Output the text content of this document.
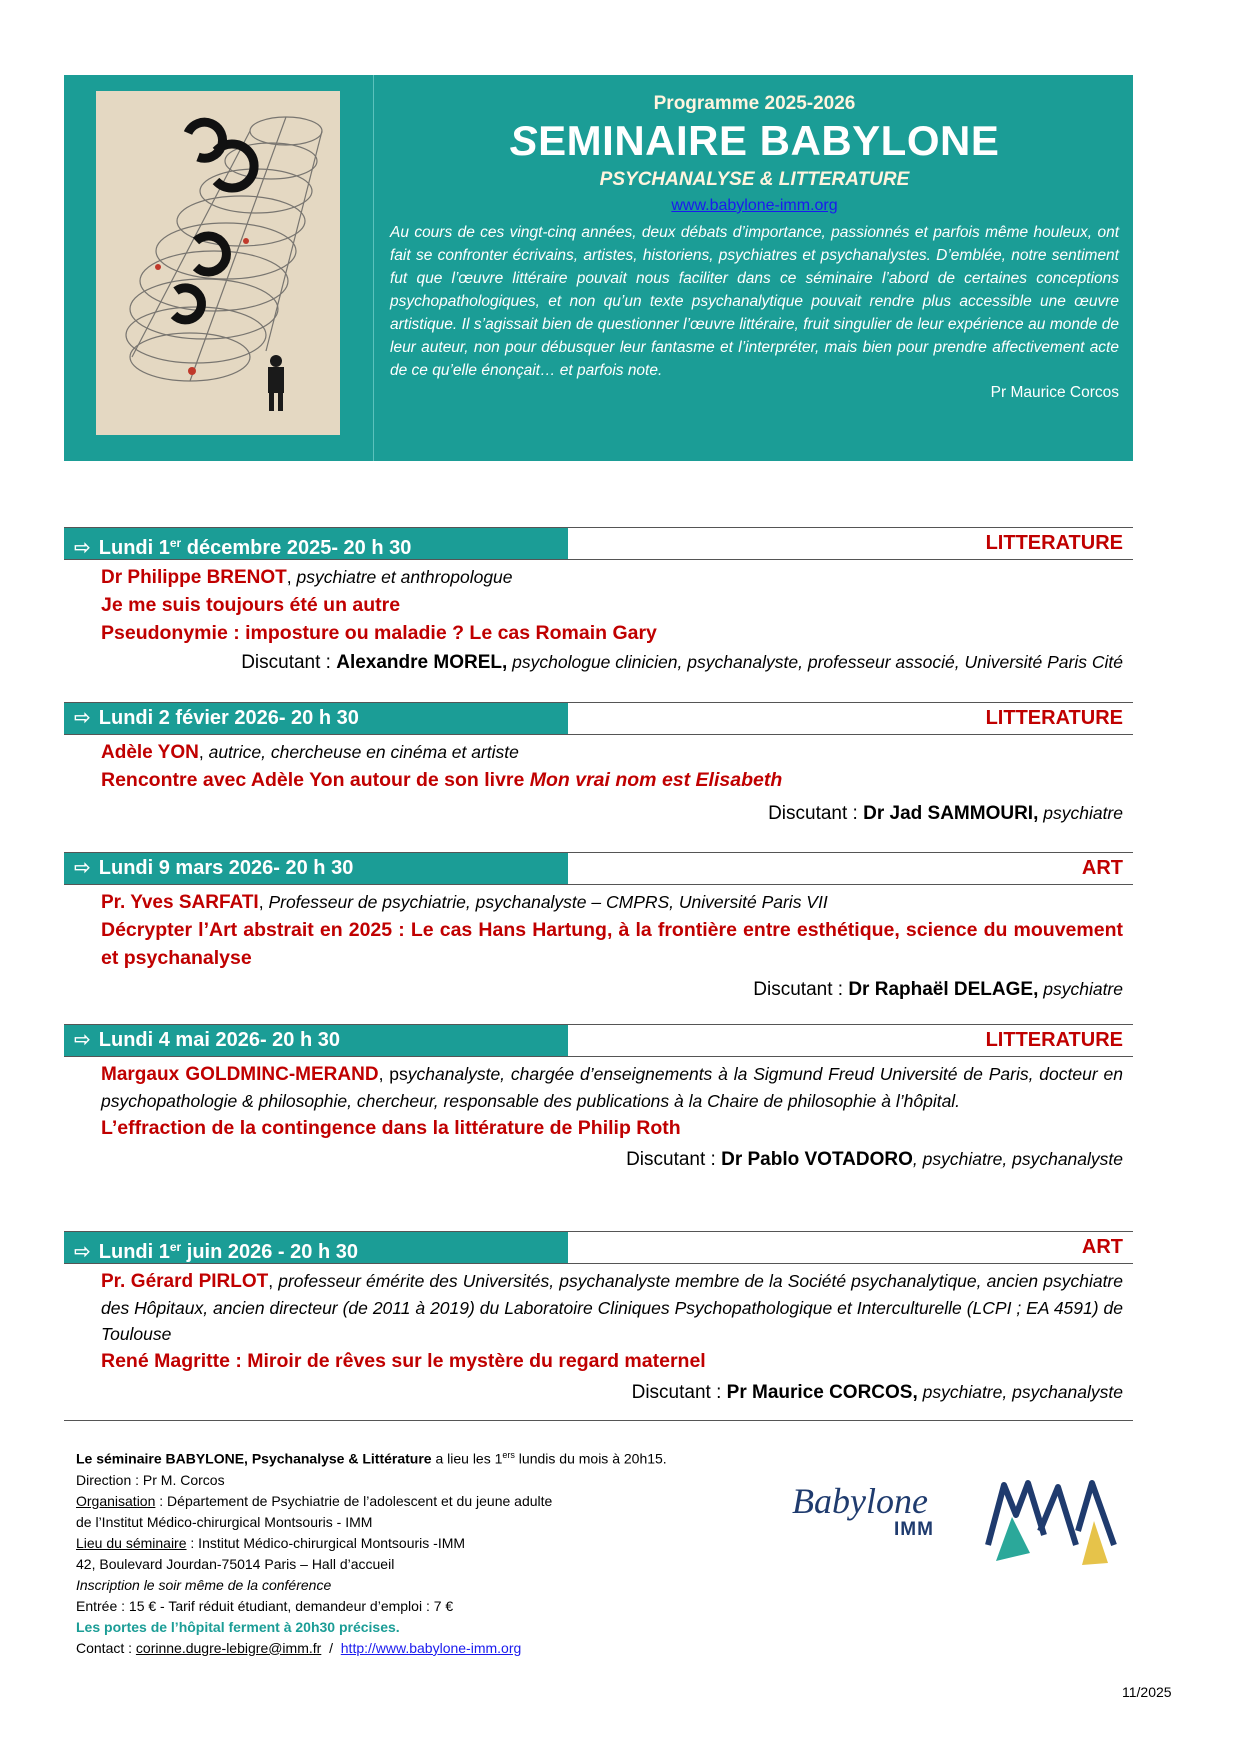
Programme 2025-2026
SEMINAIRE BABYLONE
PSYCHANALYSE & LITTERATURE
www.babylone-imm.org

Au cours de ces vingt-cinq années, deux débats d’importance, passionnés et parfois même houleux, ont fait se confronter écrivains, artistes, historiens, psychiatres et psychanalystes. D’emblée, notre sentiment fut que l’œuvre littéraire pouvait nous faciliter dans ce séminaire l’abord de certaines conceptions psychopathologiques, et non qu’un texte psychanalytique pouvait rendre plus accessible une œuvre artistique. Il s’agissait bien de questionner l’œuvre littéraire, fruit singulier de leur expérience au monde de leur auteur, non pour débusquer leur fantasme et l’interpréter, mais bien pour prendre affectivement acte de ce qu’elle énonçait… et parfois note.

Pr Maurice Corcos
⇨ Lundi 1er décembre 2025- 20 h 30	LITTERATURE
Dr Philippe BRENOT, psychiatre et anthropologue
Je me suis toujours été un autre
Pseudonymie : imposture ou maladie ? Le cas Romain Gary
Discutant : Alexandre MOREL, psychologue clinicien, psychanalyste, professeur associé, Université Paris Cité
⇨ Lundi 2 févier 2026- 20 h 30	LITTERATURE
Adèle YON, autrice, chercheuse en cinéma et artiste
Rencontre avec Adèle Yon autour de son livre Mon vrai nom est Elisabeth
Discutant : Dr Jad SAMMOURI, psychiatre
⇨ Lundi 9 mars 2026- 20 h 30	ART
Pr. Yves SARFATI, Professeur de psychiatrie, psychanalyste – CMPRS, Université Paris VII
Décrypter l’Art abstrait en 2025 : Le cas Hans Hartung, à la frontière entre esthétique, science du mouvement et psychanalyse
Discutant : Dr Raphaël DELAGE, psychiatre
⇨ Lundi 4 mai 2026- 20 h 30	LITTERATURE
Margaux GOLDMINC-MERAND, psychanalyste, chargée d’enseignements à la Sigmund Freud Université de Paris, docteur en psychopathologie & philosophie, chercheur, responsable des publications à la Chaire de philosophie à l’hôpital.
L’effraction de la contingence dans la littérature de Philip Roth
Discutant : Dr Pablo VOTADORO, psychiatre, psychanalyste
⇨ Lundi 1er juin 2026 - 20 h 30	ART
Pr. Gérard PIRLOT, professeur émérite des Universités, psychanalyste membre de la Société psychanalytique, ancien psychiatre des Hôpitaux, ancien directeur (de 2011 à 2019) du Laboratoire Cliniques Psychopathologique et Interculturelle (LCPI ; EA 4591) de Toulouse
René Magritte : Miroir de rêves sur le mystère du regard maternel
Discutant : Pr Maurice CORCOS, psychiatre, psychanalyste
Le séminaire BABYLONE, Psychanalyse & Littérature a lieu les 1ers lundis du mois à 20h15.
Direction : Pr M. Corcos
Organisation : Département de Psychiatrie de l’adolescent et du jeune adulte
de l’Institut Médico-chirurgical Montsouris - IMM
Lieu du séminaire : Institut Médico-chirurgical Montsouris -IMM
42, Boulevard Jourdan-75014 Paris – Hall d’accueil
Inscription le soir même de la conférence
Entrée : 15 € - Tarif réduit étudiant, demandeur d’emploi : 7 €
Les portes de l’hôpital ferment à 20h30 précises.
Contact : corinne.dugre-lebigre@imm.fr  /  http://www.babylone-imm.org
Babylone
IMM
11/2025
